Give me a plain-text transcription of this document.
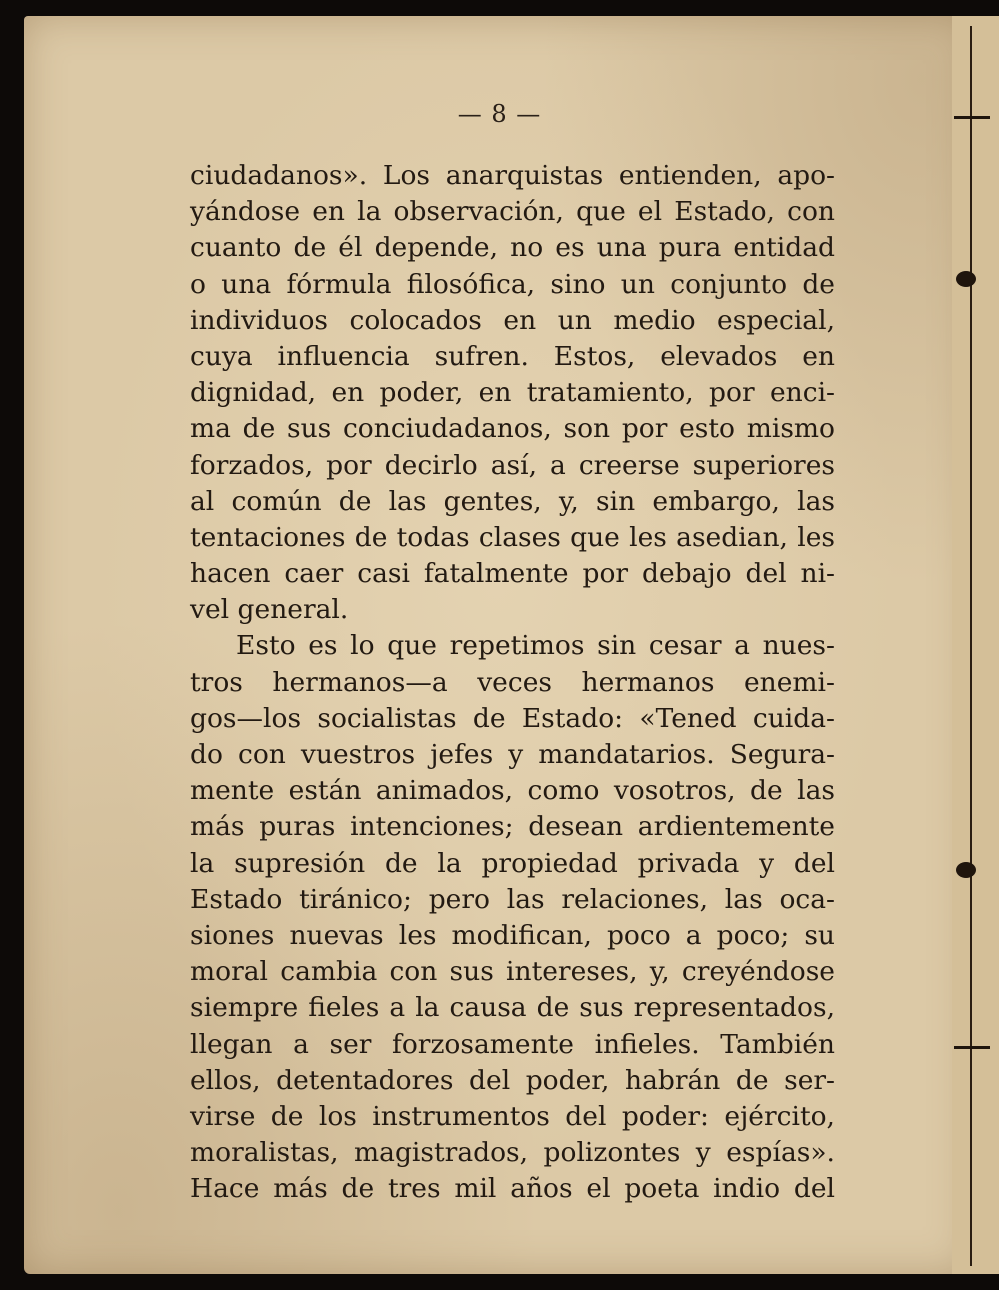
— 8 —
ciudadanos». Los anarquistas entienden, apo-
yándose en la observación, que el Estado, con
cuanto de él depende, no es una pura entidad
o una fórmula filosófica, sino un conjunto de
individuos colocados en un medio especial,
cuya influencia sufren. Estos, elevados en
dignidad, en poder, en tratamiento, por enci-
ma de sus conciudadanos, son por esto mismo
forzados, por decirlo así, a creerse superiores
al común de las gentes, y, sin embargo, las
tentaciones de todas clases que les asedian, les
hacen caer casi fatalmente por debajo del ni-
vel general.
Esto es lo que repetimos sin cesar a nues-
tros hermanos—a veces hermanos enemi-
gos—los socialistas de Estado: «Tened cuida-
do con vuestros jefes y mandatarios. Segura-
mente están animados, como vosotros, de las
más puras intenciones; desean ardientemente
la supresión de la propiedad privada y del
Estado tiránico; pero las relaciones, las oca-
siones nuevas les modifican, poco a poco; su
moral cambia con sus intereses, y, creyéndose
siempre fieles a la causa de sus representados,
llegan a ser forzosamente infieles. También
ellos, detentadores del poder, habrán de ser-
virse de los instrumentos del poder: ejército,
moralistas, magistrados, polizontes y espías».
Hace más de tres mil años el poeta indio del
